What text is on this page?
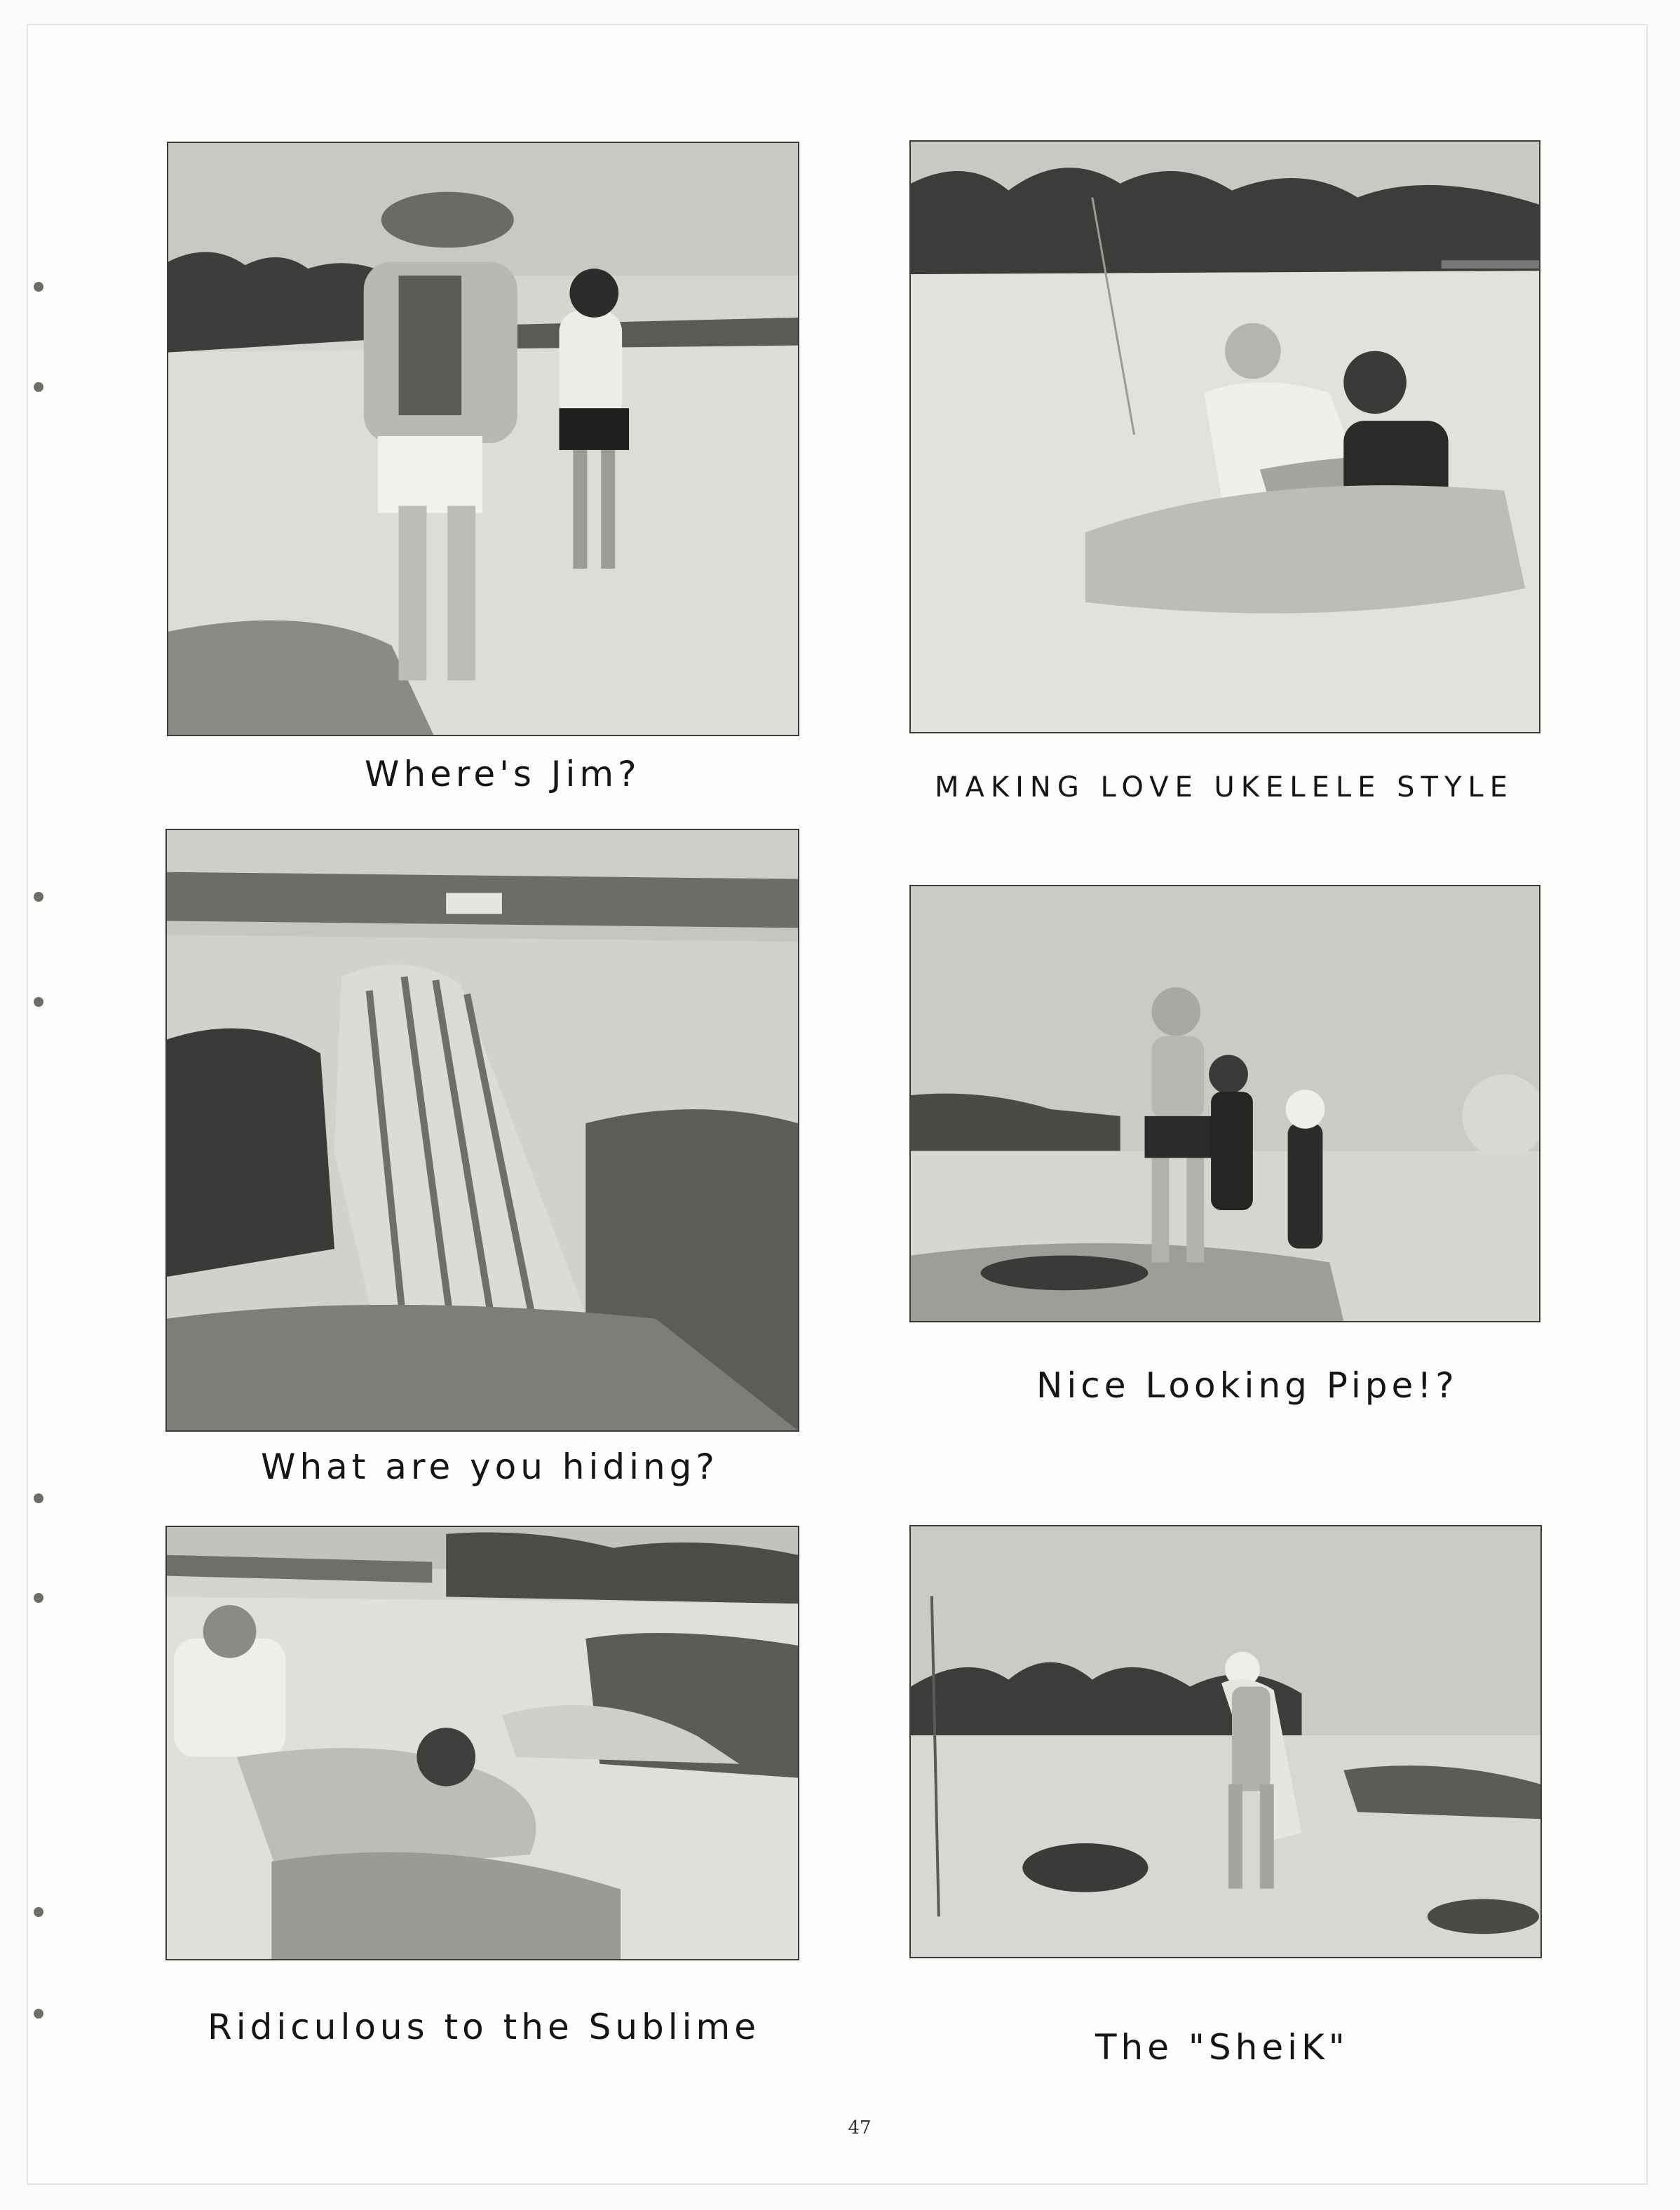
Where's Jim?	MAKING LOVE UKELELE STYLE
What are you hiding?
Nice Looking Pipe!?
Ridiculous to the Sublime	The "SheiK"
47
